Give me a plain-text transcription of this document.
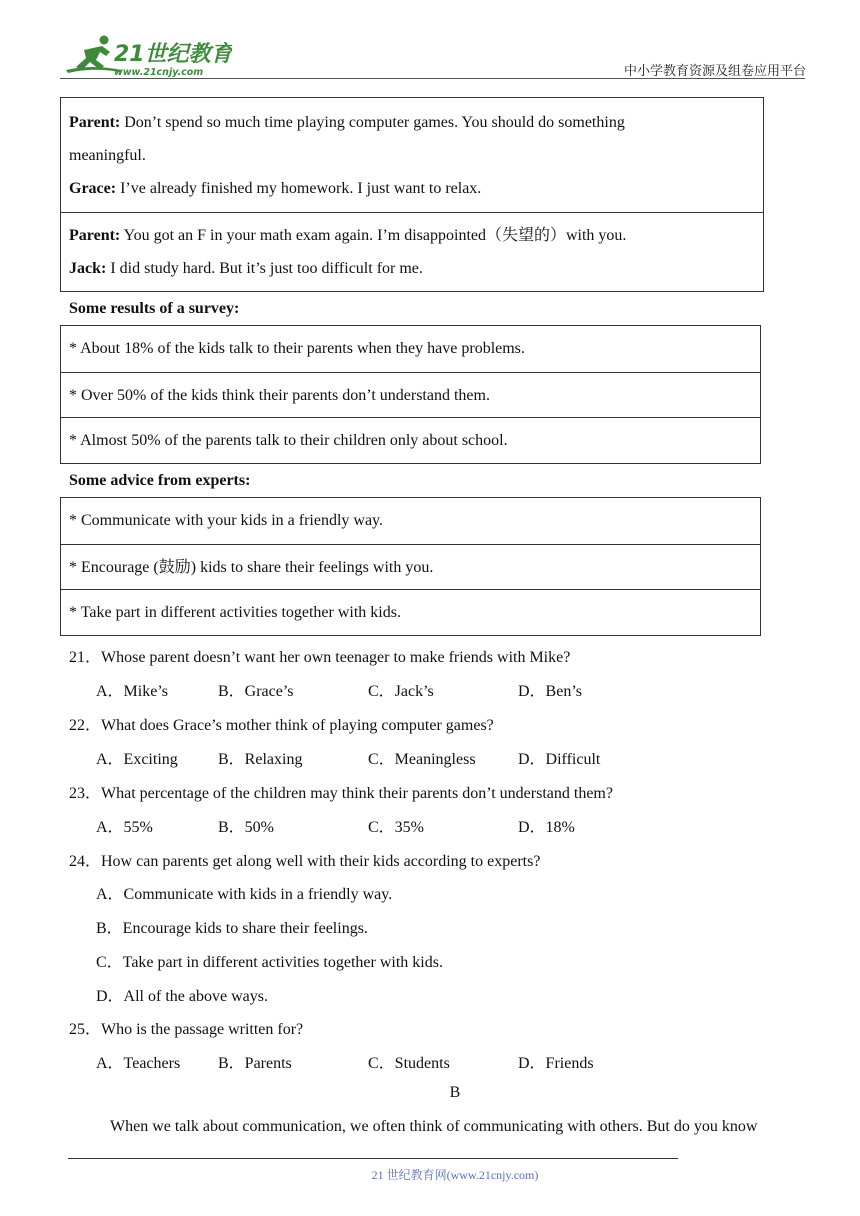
21世纪教育
www.21cnjy.com	中小学教育资源及组卷应用平台
Parent: Don’t spend so much time playing computer games. You should do something
meaningful.
Grace: I’ve already finished my homework. I just want to relax.
Parent: You got an F in your math exam again. I’m disappointed（失望的）with you.
Jack: I did study hard. But it’s just too difficult for me.
Some results of a survey:
* About 18% of the kids talk to their parents when they have problems.
* Over 50% of the kids think their parents don’t understand them.
* Almost 50% of the parents talk to their children only about school.
Some advice from experts:
* Communicate with your kids in a friendly way.
* Encourage (鼓励) kids to share their feelings with you.
* Take part in different activities together with kids.
21．Whose parent doesn’t want her own teenager to make friends with Mike?
A．Mike’s	B．Grace’s	C．Jack’s	D．Ben’s
22．What does Grace’s mother think of playing computer games?
A．Exciting	B．Relaxing	C．Meaningless	D．Difficult
23．What percentage of the children may think their parents don’t understand them?
A．55%	B．50%	C．35%	D．18%
24．How can parents get along well with their kids according to experts?
A．Communicate with kids in a friendly way.
B．Encourage kids to share their feelings.
C．Take part in different activities together with kids.
D．All of the above ways.
25．Who is the passage written for?
A．Teachers B．Parents	C．Students	D．Friends
B
When we talk about communication, we often think of communicating with others. But do you know
21 世纪教育网(www.21cnjy.com)
